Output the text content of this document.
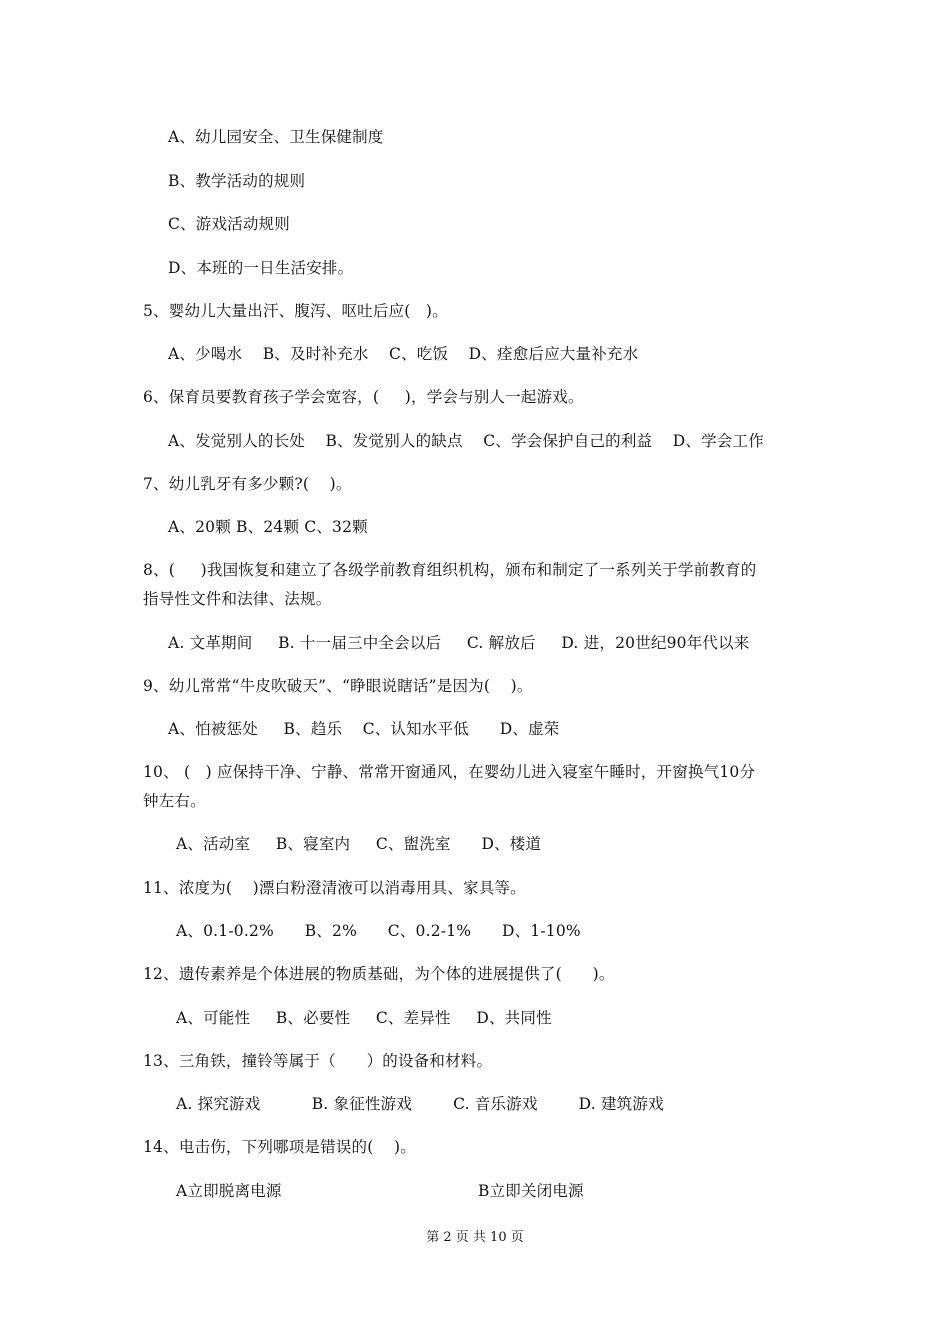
A、幼儿园安全、卫生保健制度
B、教学活动的规则
C、游戏活动规则
D、本班的一日生活安排。
5、婴幼儿大量出汗、腹泻、呕吐后应(   )。
A、少喝水    B、及时补充水    C、吃饭    D、痊愈后应大量补充水
6、保育员要教育孩子学会宽容，(     )，学会与别人一起游戏。
A、发觉别人的长处    B、发觉别人的缺点    C、学会保护自己的利益    D、学会工作
7、幼儿乳牙有多少颗?(    )。
A、20颗 B、24颗 C、32颗
8、(     )我国恢复和建立了各级学前教育组织机构，颁布和制定了一系列关于学前教育的
指导性文件和法律、法规。
A. 文革期间     B. 十一届三中全会以后     C. 解放后     D. 进，20世纪90年代以来
9、幼儿常常“牛皮吹破天”、“睁眼说瞎话”是因为(    )。
A、怕被惩处     B、趋乐    C、认知水平低      D、虚荣
10、 (   ) 应保持干净、宁静、常常开窗通风，在婴幼儿进入寝室午睡时，开窗换气10分
钟左右。
A、活动室     B、寝室内     C、盥洗室      D、楼道
11、浓度为(    )漂白粉澄清液可以消毒用具、家具等。
A、0.1-0.2%      B、2%      C、0.2-1%      D、1-10%
12、遗传素养是个体进展的物质基础，为个体的进展提供了(      )。
A、可能性     B、必要性     C、差异性     D、共同性
13、三角铁，撞铃等属于（      ）的设备和材料。
A. 探究游戏          B. 象征性游戏        C. 音乐游戏        D. 建筑游戏
14、电击伤，下列哪项是错误的(    )。
A立即脱离电源	B立即关闭电源
第 2 页 共 10 页
